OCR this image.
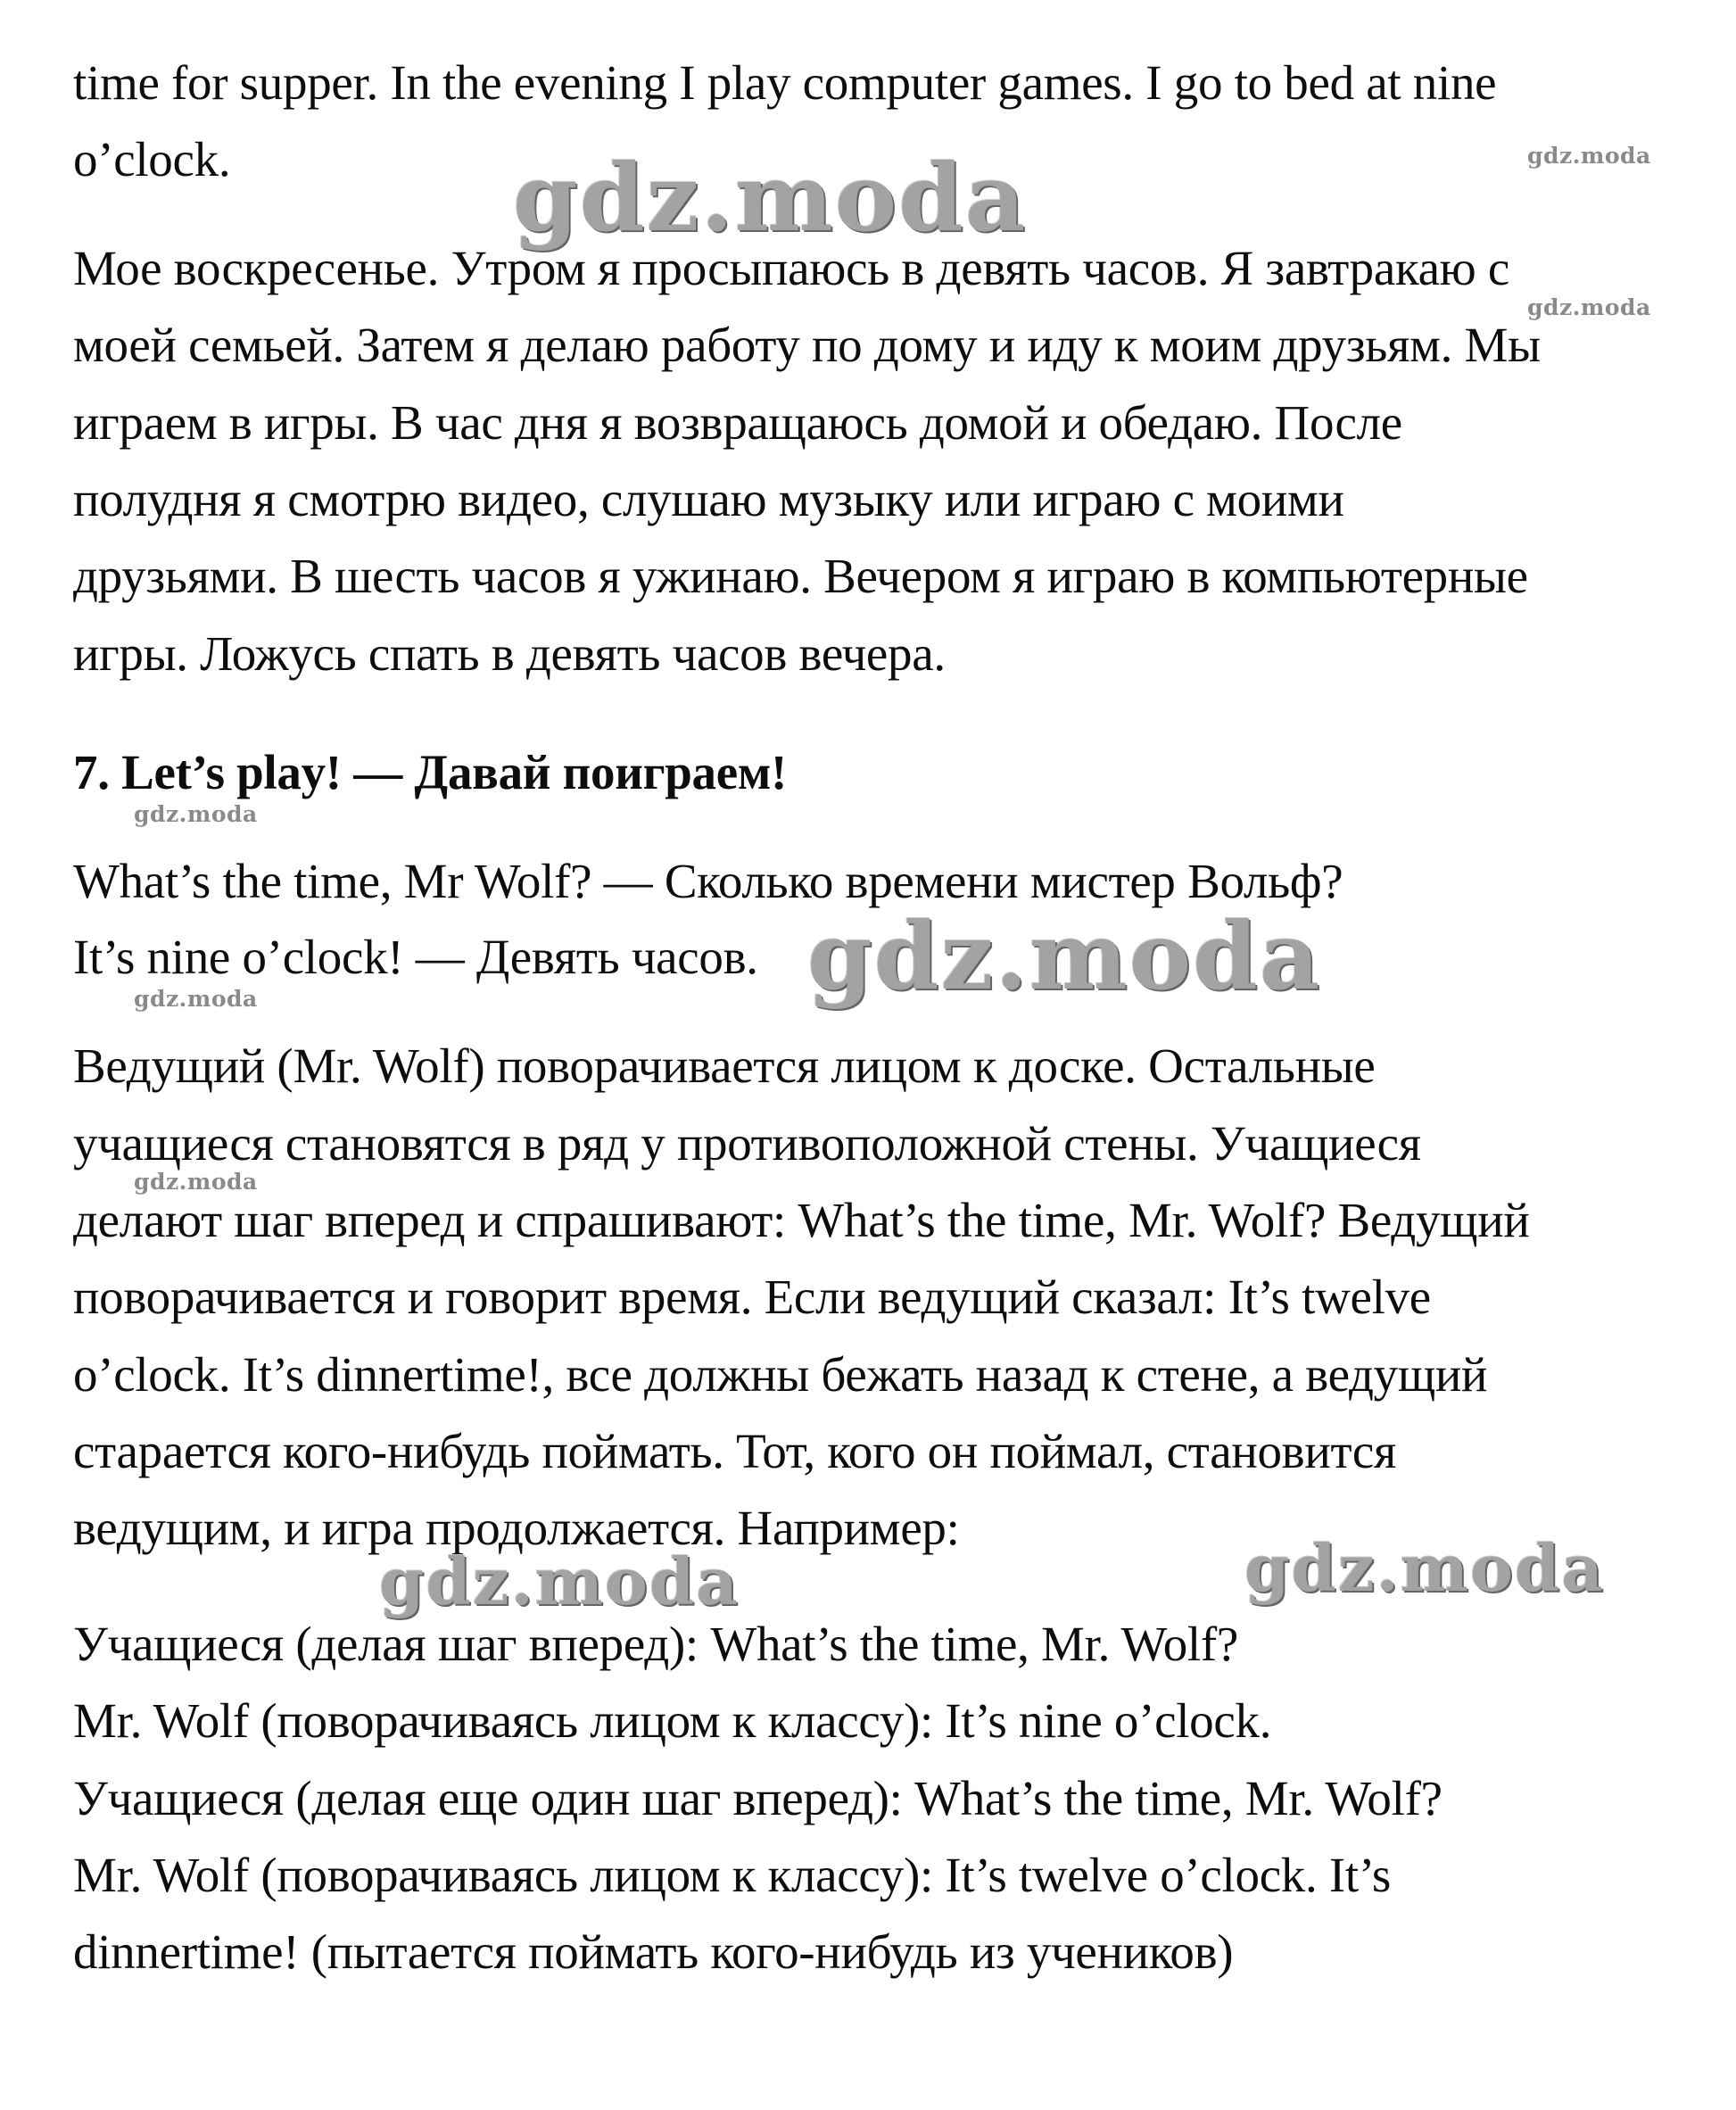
time for supper. In the evening I play computer games. I go to bed at nine
o’clock.
Мое воскресенье. Утром я просыпаюсь в девять часов. Я завтракаю с
моей семьей. Затем я делаю работу по дому и иду к моим друзьям. Мы
играем в игры. В час дня я возвращаюсь домой и обедаю. После
полудня я смотрю видео, слушаю музыку или играю с моими
друзьями. В шесть часов я ужинаю. Вечером я играю в компьютерные
игры. Ложусь спать в девять часов вечера.
7. Let’s play! — Давай поиграем!
What’s the time, Mr Wolf? — Сколько времени мистер Вольф?
It’s nine o’clock! — Девять часов.
Ведущий (Mr. Wolf) поворачивается лицом к доске. Остальные
учащиеся становятся в ряд у противоположной стены. Учащиеся
делают шаг вперед и спрашивают: What’s the time, Mr. Wolf? Ведущий
поворачивается и говорит время. Если ведущий сказал: It’s twelve
o’clock. It’s dinnertime!, все должны бежать назад к стене, а ведущий
старается кого-нибудь поймать. Тот, кого он поймал, становится
ведущим, и игра продолжается. Например:
Учащиеся (делая шаг вперед): What’s the time, Mr. Wolf?
Mr. Wolf (поворачиваясь лицом к классу): It’s nine o’clock.
Учащиеся (делая еще один шаг вперед): What’s the time, Mr. Wolf?
Mr. Wolf (поворачиваясь лицом к классу): It’s twelve o’clock. It’s
dinnertime! (пытается поймать кого-нибудь из учеников)
gdz.moda
gdz.moda
gdz.moda	gdz.moda
gdz.moda
gdz.moda
gdz.moda
gdz.moda
gdz.moda
